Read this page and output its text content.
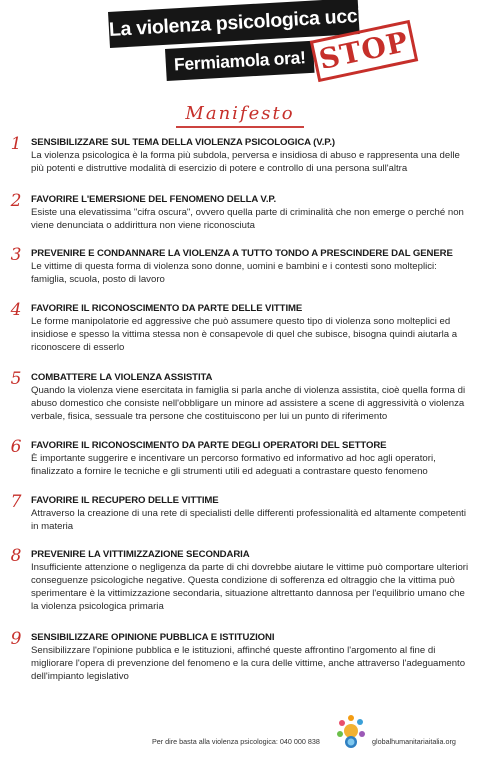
La violenza psicologica uccide.
Fermiamola ora! STOP
Manifesto
1 SENSIBILIZZARE SUL TEMA DELLA VIOLENZA PSICOLOGICA (V.P.)
La violenza psicologica è la forma più subdola, perversa e insidiosa di abuso e rappresenta una delle più potenti e distruttive modalità di esercizio di potere e controllo di una persona sull'altra
2 FAVORIRE L'EMERSIONE DEL FENOMENO DELLA V.P.
Esiste una elevatissima "cifra oscura", ovvero quella parte di criminalità che non emerge o perché non viene denunciata o addirittura non viene riconosciuta
3 PREVENIRE E CONDANNARE LA VIOLENZA A TUTTO TONDO A PRESCINDERE DAL GENERE
Le vittime di questa forma di violenza sono donne, uomini e bambini e i contesti sono molteplici: famiglia, scuola, posto di lavoro
4 FAVORIRE IL RICONOSCIMENTO DA PARTE DELLE VITTIME
Le forme manipolatorie ed aggressive che può assumere questo tipo di violenza sono molteplici ed insidiose e spesso la vittima stessa non è consapevole di quel che subisce, bisogna quindi aiutarla a riconoscere di esserlo
5 COMBATTERE LA VIOLENZA ASSISTITA
Quando la violenza viene esercitata in famiglia si parla anche di violenza assistita, cioè quella forma di abuso domestico che consiste nell'obbligare un minore ad assistere a scene di aggressività o violenza verbale, fisica, sessuale tra persone che costituiscono per lui un punto di riferimento
6 FAVORIRE IL RICONOSCIMENTO DA PARTE DEGLI OPERATORI DEL SETTORE
È importante suggerire e incentivare un percorso formativo ed informativo ad hoc agli operatori, finalizzato a fornire le tecniche e gli strumenti utili ed adeguati a contrastare questo fenomeno
7 FAVORIRE IL RECUPERO DELLE VITTIME
Attraverso la creazione di una rete di specialisti delle differenti professionalità ed altamente competenti in materia
8 PREVENIRE LA VITTIMIZZAZIONE SECONDARIA
Insufficiente attenzione o negligenza da parte di chi dovrebbe aiutare le vittime può comportare ulteriori conseguenze psicologiche negative. Questa condizione di sofferenza ed oltraggio che la vittima può sperimentare è la vittimizzazione secondaria, situazione altrettanto dannosa per l'equilibrio umano che la violenza psicologica primaria
9 SENSIBILIZZARE OPINIONE PUBBLICA E ISTITUZIONI
Sensibilizzare l'opinione pubblica e le istituzioni, affinché queste affrontino l'argomento al fine di migliorare l'opera di prevenzione del fenomeno e la cura delle vittime, anche attraverso l'adeguamento dell'impianto legislativo
Per dire basta alla violenza psicologica: 040 000 838	globalhumanitariaitalia.org
